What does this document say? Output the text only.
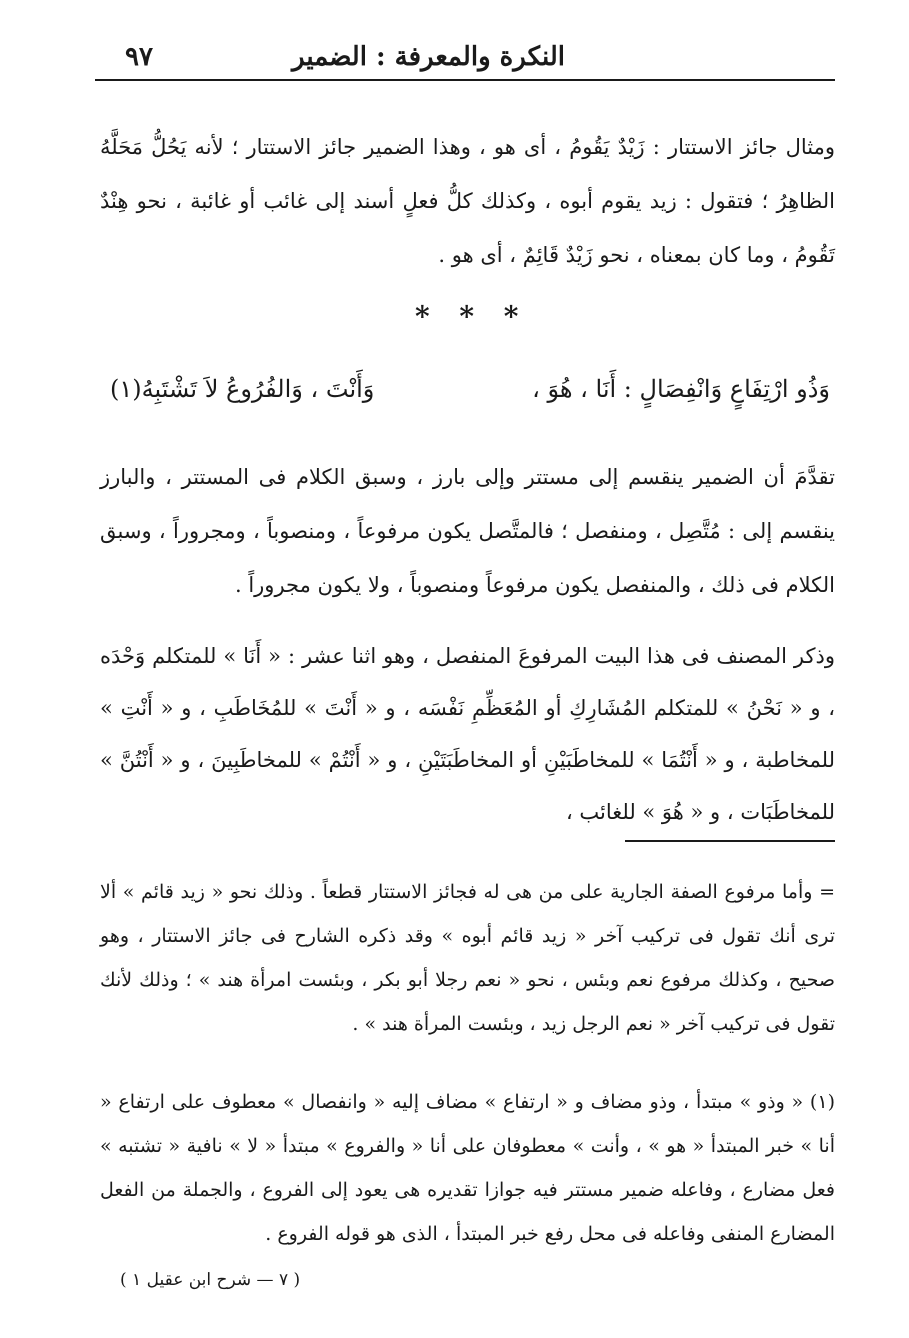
النكرة والمعرفة : الضمير
٩٧
ومثال جائز الاستتار : زَيْدٌ يَقُومُ ، أى هو ، وهذا الضمير جائز الاستتار ؛ لأنه يَحُلُّ مَحَلَّهُ الظاهِرُ ؛ فتقول : زيد يقوم أبوه ، وكذلك كلُّ فعلٍ أسند إلى غائب أو غائبة ، نحو هِنْدٌ تَقُومُ ، وما كان بمعناه ، نحو زَيْدٌ قَائِمٌ ، أى هو .
* * *
وَذُو ارْتِفَاعٍ وَانْفِصَالٍ : أَنَا ، هُوَ ،
وَأَنْتَ ، وَالفُرُوعُ لاَ تَشْتَبِهُ(١)
تقدَّمَ أن الضمير ينقسم إلى مستتر وإلى بارز ، وسبق الكلام فى المستتر ، والبارز ينقسم إلى : مُتَّصِل ، ومنفصل ؛ فالمتَّصل يكون مرفوعاً ، ومنصوباً ، ومجروراً ، وسبق الكلام فى ذلك ، والمنفصل يكون مرفوعاً ومنصوباً ، ولا يكون مجروراً .
وذكر المصنف فى هذا البيت المرفوعَ المنفصل ، وهو اثنا عشر : « أَنَا » للمتكلم وَحْدَه ، و « نَحْنُ » للمتكلم المُشَارِكِ أو المُعَظِّمِ نَفْسَه ، و « أَنْتَ » للمُخَاطَبِ ، و « أَنْتِ » للمخاطبة ، و « أَنْتُمَا » للمخاطَبَيْنِ أو المخاطَبَتَيْنِ ، و « أَنْتُمْ » للمخاطَبِينَ ، و « أَنْتُنَّ » للمخاطَبَات ، و « هُوَ » للغائب ،
= وأما مرفوع الصفة الجارية على من هى له فجائز الاستتار قطعاً . وذلك نحو « زيد قائم » ألا ترى أنك تقول فى تركيب آخر « زيد قائم أبوه » وقد ذكره الشارح فى جائز الاستتار ، وهو صحيح ، وكذلك مرفوع نعم وبئس ، نحو « نعم رجلا أبو بكر ، وبئست امرأة هند » ؛ وذلك لأنك تقول فى تركيب آخر « نعم الرجل زيد ، وبئست المرأة هند » .
(١) « وذو » مبتدأ ، وذو مضاف و « ارتفاع » مضاف إليه « وانفصال » معطوف على ارتفاع « أنا » خبر المبتدأ « هو » ، وأنت » معطوفان على أنا « والفروع » مبتدأ « لا » نافية « تشتبه » فعل مضارع ، وفاعله ضمير مستتر فيه جوازا تقديره هى يعود إلى الفروع ، والجملة من الفعل المضارع المنفى وفاعله فى محل رفع خبر المبتدأ ، الذى هو قوله الفروع .
( ٧ — شرح ابن عقيل ١ )
